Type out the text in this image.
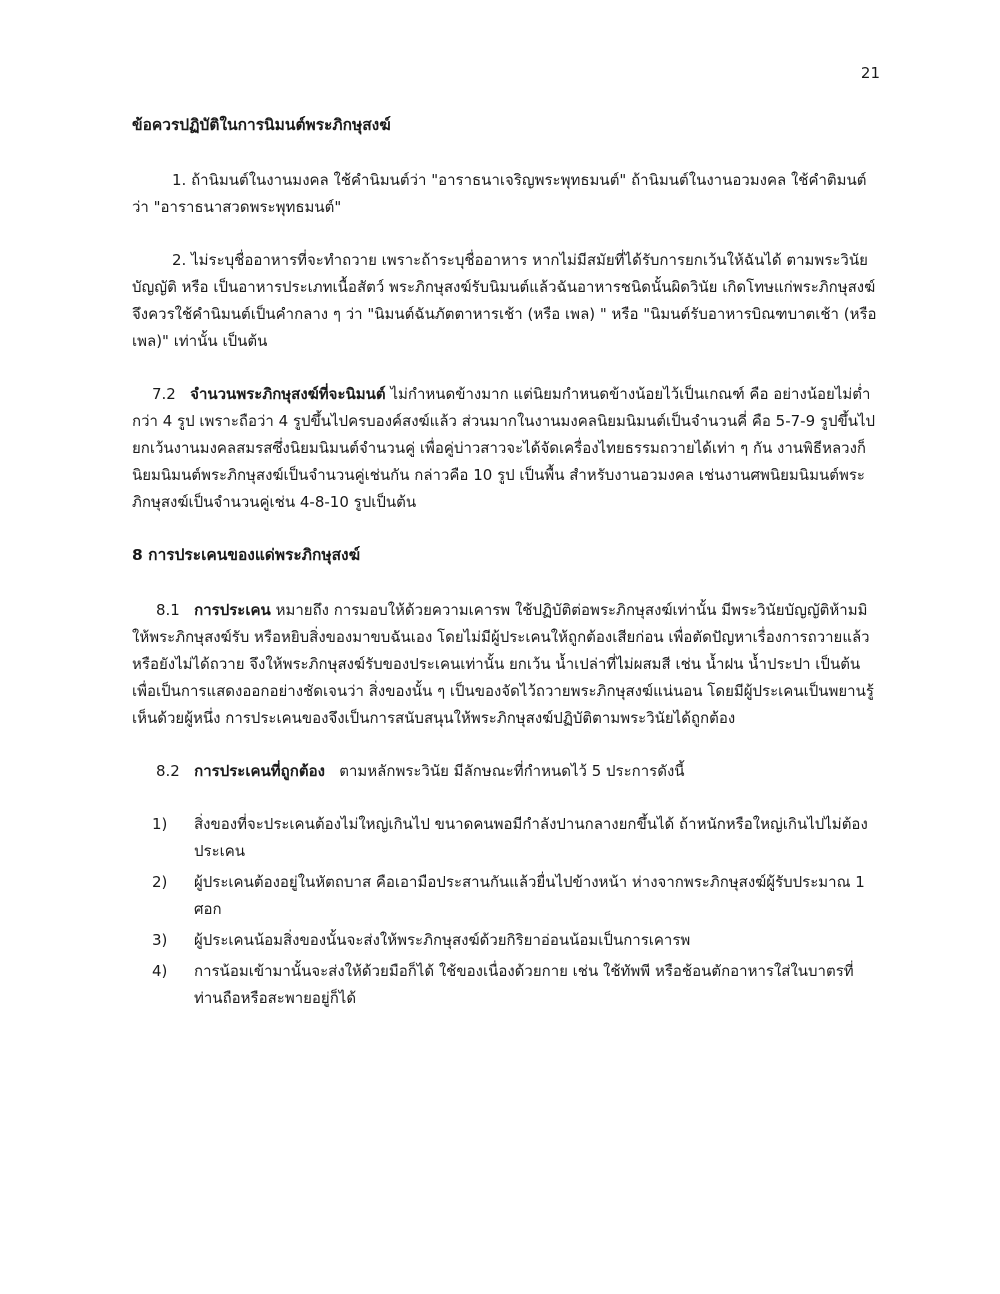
21

ข้อควรปฏิบัติในการนิมนต์พระภิกษุสงฆ์

1. ถ้านิมนต์ในงานมงคล ใช้คำนิมนต์ว่า "อาราธนาเจริญพระพุทธมนต์" ถ้านิมนต์ในงานอวมงคล ใช้คำติมนต์ว่า "อาราธนาสวดพระพุทธมนต์"

2. ไม่ระบุชื่ออาหารที่จะทำถวาย เพราะถ้าระบุชื่ออาหาร หากไม่มีสมัยที่ได้รับการยกเว้นให้ฉันได้ ตามพระวินัยบัญญัติ หรือ เป็นอาหารประเภทเนื้อสัตว์ พระภิกษุสงฆ์รับนิมนต์แล้วฉันอาหารชนิดนั้นผิดวินัย เกิดโทษแก่พระภิกษุสงฆ์ จึงควรใช้คำนิมนต์เป็นคำกลาง ๆ ว่า "นิมนต์ฉันภัตตาหารเช้า (หรือ เพล) " หรือ "นิมนต์รับอาหารบิณฑบาตเช้า (หรือเพล)" เท่านั้น เป็นต้น

7.2 จำนวนพระภิกษุสงฆ์ที่จะนิมนต์ ไม่กำหนดข้างมาก แต่นิยมกำหนดข้างน้อยไว้เป็นเกณฑ์ คือ อย่างน้อยไม่ต่ำกว่า 4 รูป เพราะถือว่า 4 รูปขึ้นไปครบองค์สงฆ์แล้ว ส่วนมากในงานมงคลนิยมนิมนต์เป็นจำนวนคี่ คือ 5-7-9 รูปขึ้นไป ยกเว้นงานมงคลสมรสซึ่งนิยมนิมนต์จำนวนคู่ เพื่อคู่บ่าวสาวจะได้จัดเครื่องไทยธรรมถวายได้เท่า ๆ กัน งานพิธีหลวงก็นิยมนิมนต์พระภิกษุสงฆ์เป็นจำนวนคู่เช่นกัน กล่าวคือ 10 รูป เป็นพื้น สำหรับงานอวมงคล เช่นงานศพนิยมนิมนต์พระภิกษุสงฆ์เป็นจำนวนคู่เช่น 4-8-10 รูปเป็นต้น

8 การประเคนของแด่พระภิกษุสงฆ์

8.1 การประเคน หมายถึง การมอบให้ด้วยความเคารพ ใช้ปฏิบัติต่อพระภิกษุสงฆ์เท่านั้น มีพระวินัยบัญญัติห้ามมิให้พระภิกษุสงฆ์รับ หรือหยิบสิ่งของมาขบฉันเอง โดยไม่มีผู้ประเคนให้ถูกต้องเสียก่อน เพื่อตัดปัญหาเรื่องการถวายแล้วหรือยังไม่ได้ถวาย จึงให้พระภิกษุสงฆ์รับของประเคนเท่านั้น ยกเว้น น้ำเปล่าที่ไม่ผสมสี เช่น น้ำฝน น้ำประปา เป็นต้น เพื่อเป็นการแสดงออกอย่างชัดเจนว่า สิ่งของนั้น ๆ เป็นของจัดไว้ถวายพระภิกษุสงฆ์แน่นอน โดยมีผู้ประเคนเป็นพยานรู้เห็นด้วยผู้หนึ่ง การประเคนของจึงเป็นการสนับสนุนให้พระภิกษุสงฆ์ปฏิบัติตามพระวินัยได้ถูกต้อง

8.2 การประเคนที่ถูกต้อง ตามหลักพระวินัย มีลักษณะที่กำหนดไว้ 5 ประการดังนี้

1) สิ่งของที่จะประเคนต้องไม่ใหญ่เกินไป ขนาดคนพอมีกำลังปานกลางยกขึ้นได้ ถ้าหนักหรือใหญ่เกินไปไม่ต้องประเคน
2) ผู้ประเคนต้องอยู่ในหัตถบาส คือเอามือประสานกันแล้วยื่นไปข้างหน้า ห่างจากพระภิกษุสงฆ์ผู้รับประมาณ 1 ศอก
3) ผู้ประเคนน้อมสิ่งของนั้นจะส่งให้พระภิกษุสงฆ์ด้วยกิริยาอ่อนน้อมเป็นการเคารพ
4) การน้อมเข้ามานั้นจะส่งให้ด้วยมือก็ได้ ใช้ของเนื่องด้วยกาย เช่น ใช้ทัพพี หรือช้อนตักอาหารใส่ในบาตรที่ท่านถือหรือสะพายอยู่ก็ได้
